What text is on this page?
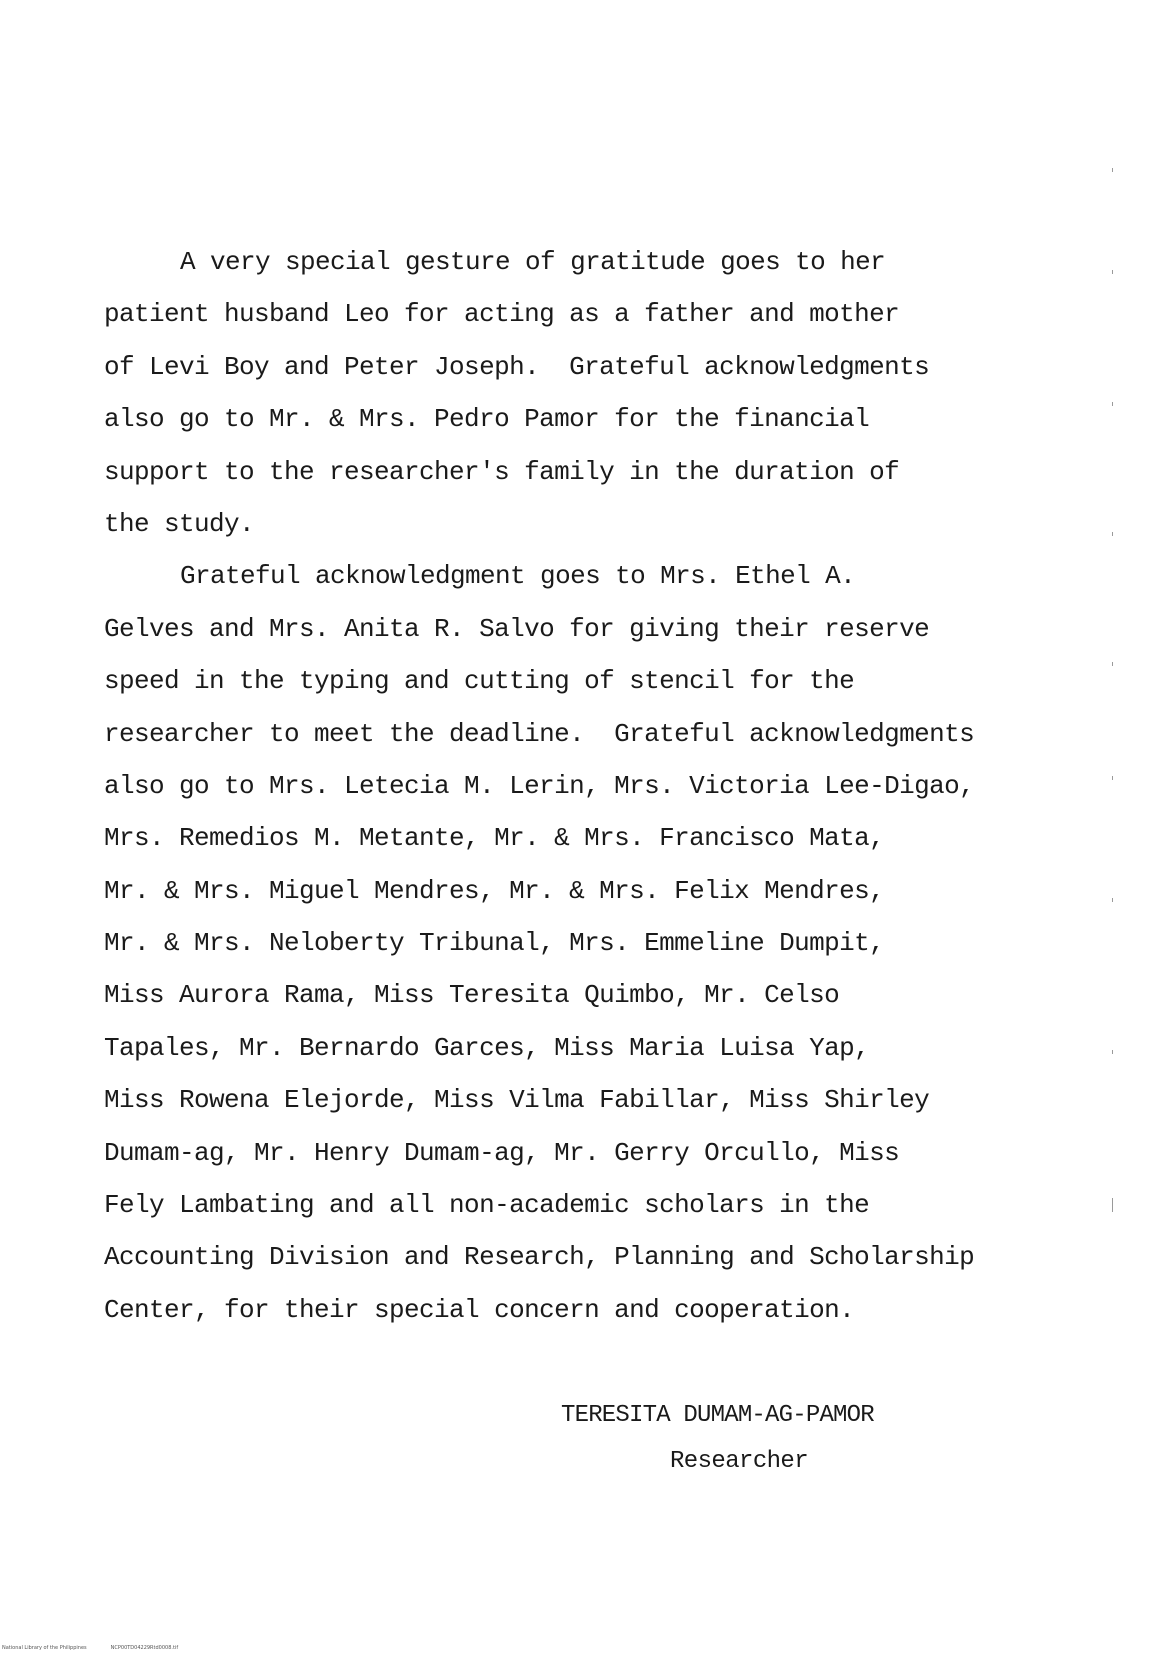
A very special gesture of gratitude goes to her
patient husband Leo for acting as a father and mother
of Levi Boy and Peter Joseph.  Grateful acknowledgments
also go to Mr. & Mrs. Pedro Pamor for the financial
support to the researcher's family in the duration of
the study.
Grateful acknowledgment goes to Mrs. Ethel A.
Gelves and Mrs. Anita R. Salvo for giving their reserve
speed in the typing and cutting of stencil for the
researcher to meet the deadline.  Grateful acknowledgments
also go to Mrs. Letecia M. Lerin, Mrs. Victoria Lee-Digao,
Mrs. Remedios M. Metante, Mr. & Mrs. Francisco Mata,
Mr. & Mrs. Miguel Mendres, Mr. & Mrs. Felix Mendres,
Mr. & Mrs. Neloberty Tribunal, Mrs. Emmeline Dumpit,
Miss Aurora Rama, Miss Teresita Quimbo, Mr. Celso
Tapales, Mr. Bernardo Garces, Miss Maria Luisa Yap,
Miss Rowena Elejorde, Miss Vilma Fabillar, Miss Shirley
Dumam-ag, Mr. Henry Dumam-ag, Mr. Gerry Orcullo, Miss
Fely Lambating and all non-academic scholars in the
Accounting Division and Research, Planning and Scholarship
Center, for their special concern and cooperation.
TERESITA DUMAM-AG-PAMOR
Researcher
National Library of the Philippines	NCP00TD04229Rtd0008.tif
